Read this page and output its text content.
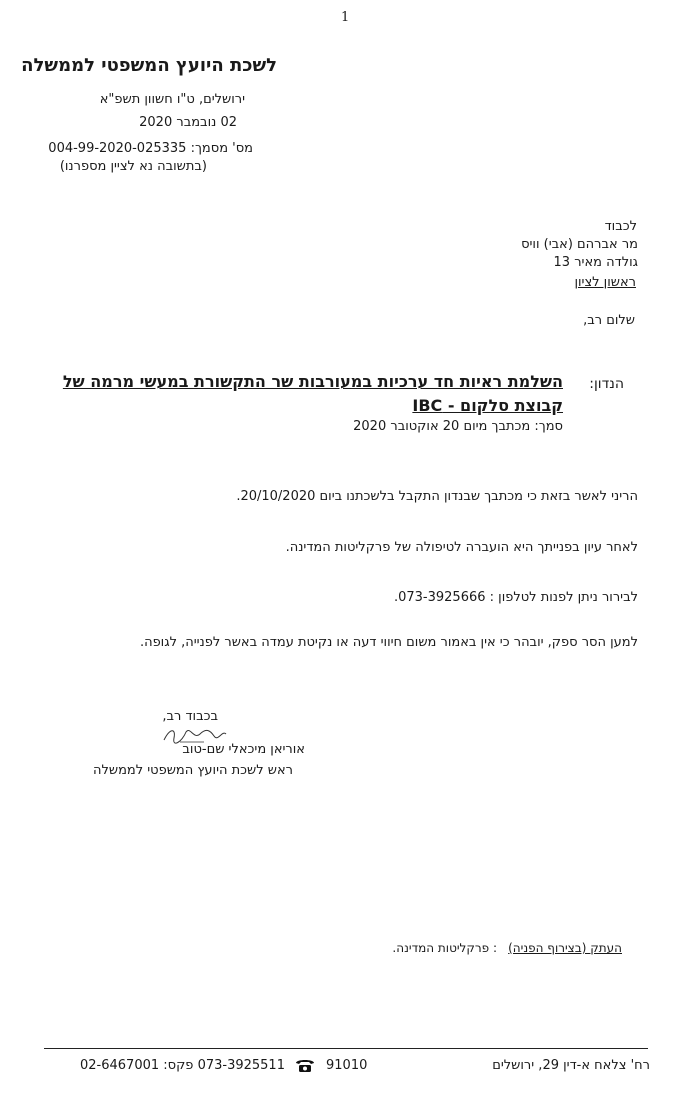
1
לשכת היועץ המשפטי לממשלה
ירושלים, ט"ו חשוון תשפ"א
02 נובמבר 2020
מס' מסמך: 004-99-2020-025335
(בתשובה נא לציין מספרנו)
לכבוד
מר אברהם (אבי) וויס
גולדה מאיר 13
ראשון לציון
שלום רב,
הנדון:
השלמת ראיות חד ערכיות במעורבות שר התקשורת במעשי מרמה של
קבוצת סלקום - IBC
סמך: מכתבך מיום 20 אוקטובר 2020
הריני לאשר בזאת כי מכתבך שבנדון התקבל בלשכתנו ביום 20/10/2020.
לאחר עיון בפנייתך היא הועברה לטיפולה של פרקליטות המדינה.
לבירור ניתן לפנות לטלפון : 073-3925666.
למען הסר ספק, יובהר כי אין באמור משום חיווי דעה או נקיטת עמדה באשר לפנייה, לגופה.
בכבוד רב,
אוריאן מיכאלי שם-טוב
ראש לשכת היועץ המשפטי לממשלה
העתק (בצירוף הפניה)
: פרקליטות המדינה.
רח' צלאח א-דין 29, ירושלים
91010
073-3925511 פקס: 02-6467001
